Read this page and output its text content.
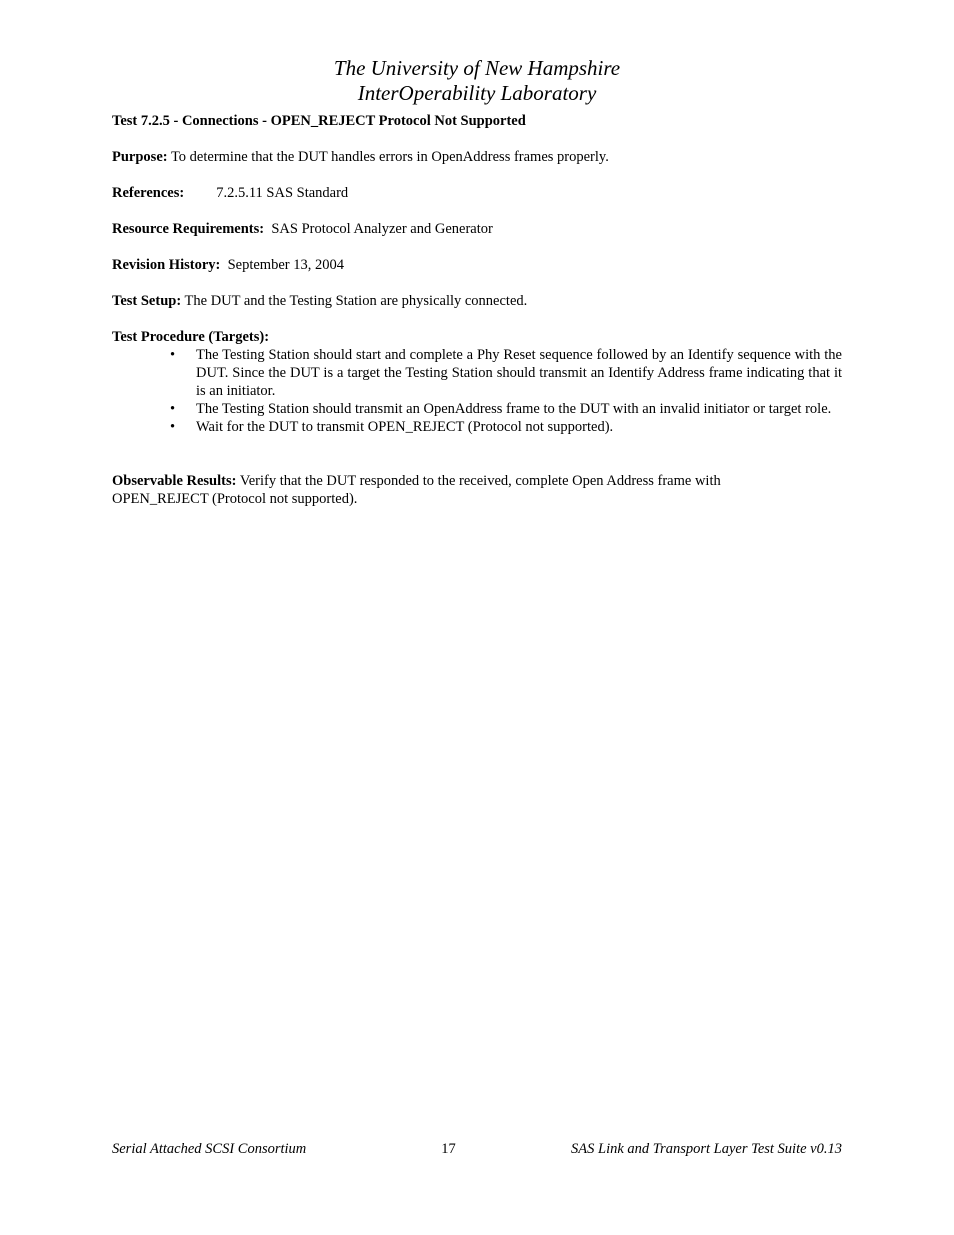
The University of New Hampshire
InterOperability Laboratory

Test 7.2.5 - Connections - OPEN_REJECT Protocol Not Supported

Purpose: To determine that the DUT handles errors in OpenAddress frames properly.

References: 7.2.5.11 SAS Standard

Resource Requirements:  SAS Protocol Analyzer and Generator

Revision History:  September 13, 2004

Test Setup: The DUT and the Testing Station are physically connected.

Test Procedure (Targets):

• The Testing Station should start and complete a Phy Reset sequence followed by an Identify sequence with the DUT. Since the DUT is a target the Testing Station should transmit an Identify Address frame indicating that it is an initiator.
• The Testing Station should transmit an OpenAddress frame to the DUT with an invalid initiator or target role.
• Wait for the DUT to transmit OPEN_REJECT (Protocol not supported).

Observable Results: Verify that the DUT responded to the received, complete Open Address frame with

OPEN_REJECT (Protocol not supported).

Serial Attached SCSI Consortium	17	SAS Link and Transport Layer Test Suite v0.13
